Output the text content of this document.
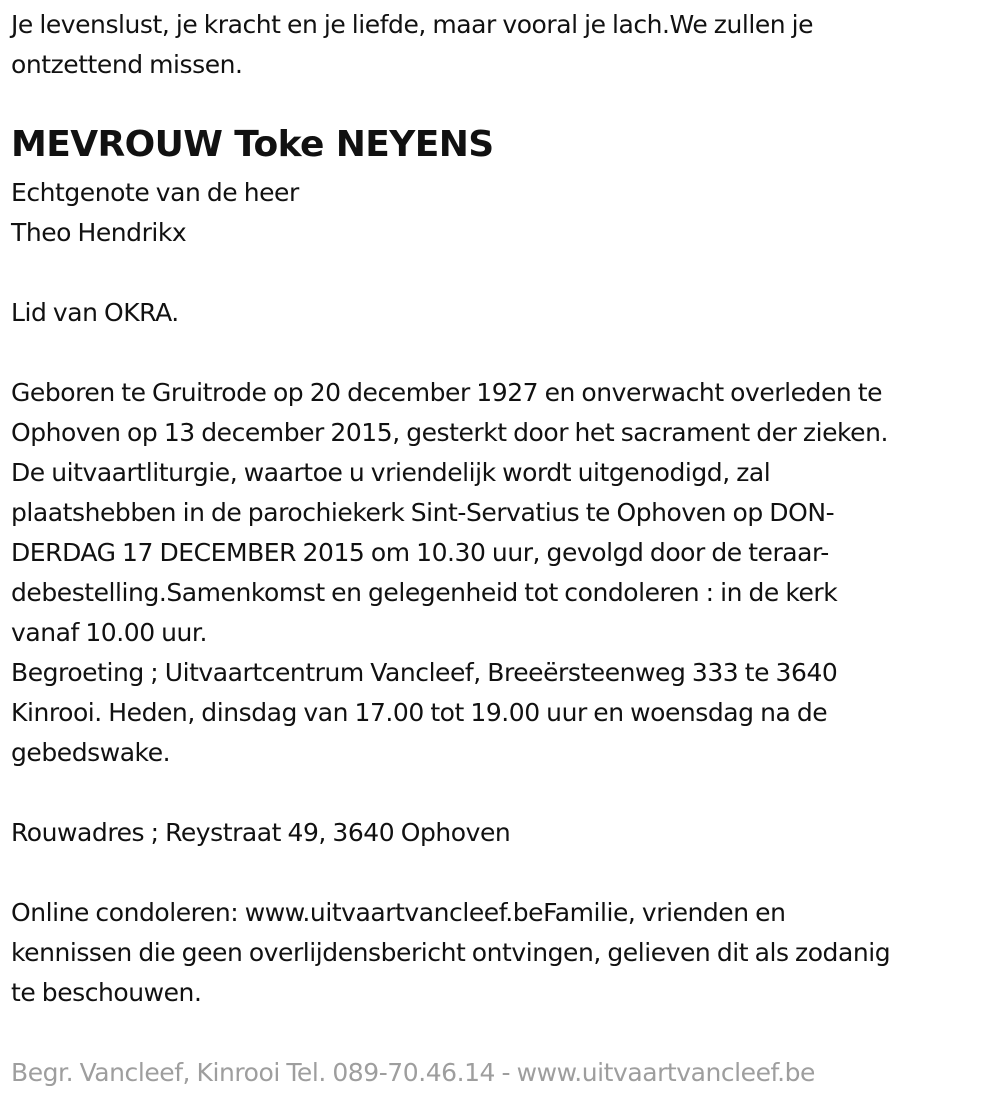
Je levenslust, je kracht en je liefde, maar vooral je lach.We zullen je
ontzettend missen.
MEVROUW Toke NEYENS
Echtgenote van de heer
Theo Hendrikx
Lid van OKRA.
Geboren te Gruitrode op 20 december 1927 en onverwacht overleden te
Ophoven op 13 december 2015, gesterkt door het sacrament der zieken.
De uitvaartliturgie, waartoe u vriendelijk wordt uitgenodigd, zal
plaatshebben in de parochiekerk Sint-Servatius te Ophoven op DON-
DERDAG 17 DECEMBER 2015 om 10.30 uur, gevolgd door de teraar-
debestelling.Samenkomst en gelegenheid tot condoleren : in de kerk
vanaf 10.00 uur.
Begroeting ; Uitvaartcentrum Vancleef, Breeërsteenweg 333 te 3640
Kinrooi. Heden, dinsdag van 17.00 tot 19.00 uur en woensdag na de
gebedswake.
Rouwadres ; Reystraat 49, 3640 Ophoven
Online condoleren: www.uitvaartvancleef.beFamilie, vrienden en
kennissen die geen overlijdensbericht ontvingen, gelieven dit als zodanig
te beschouwen.
Begr. Vancleef, Kinrooi Tel. 089-70.46.14 - www.uitvaartvancleef.be
